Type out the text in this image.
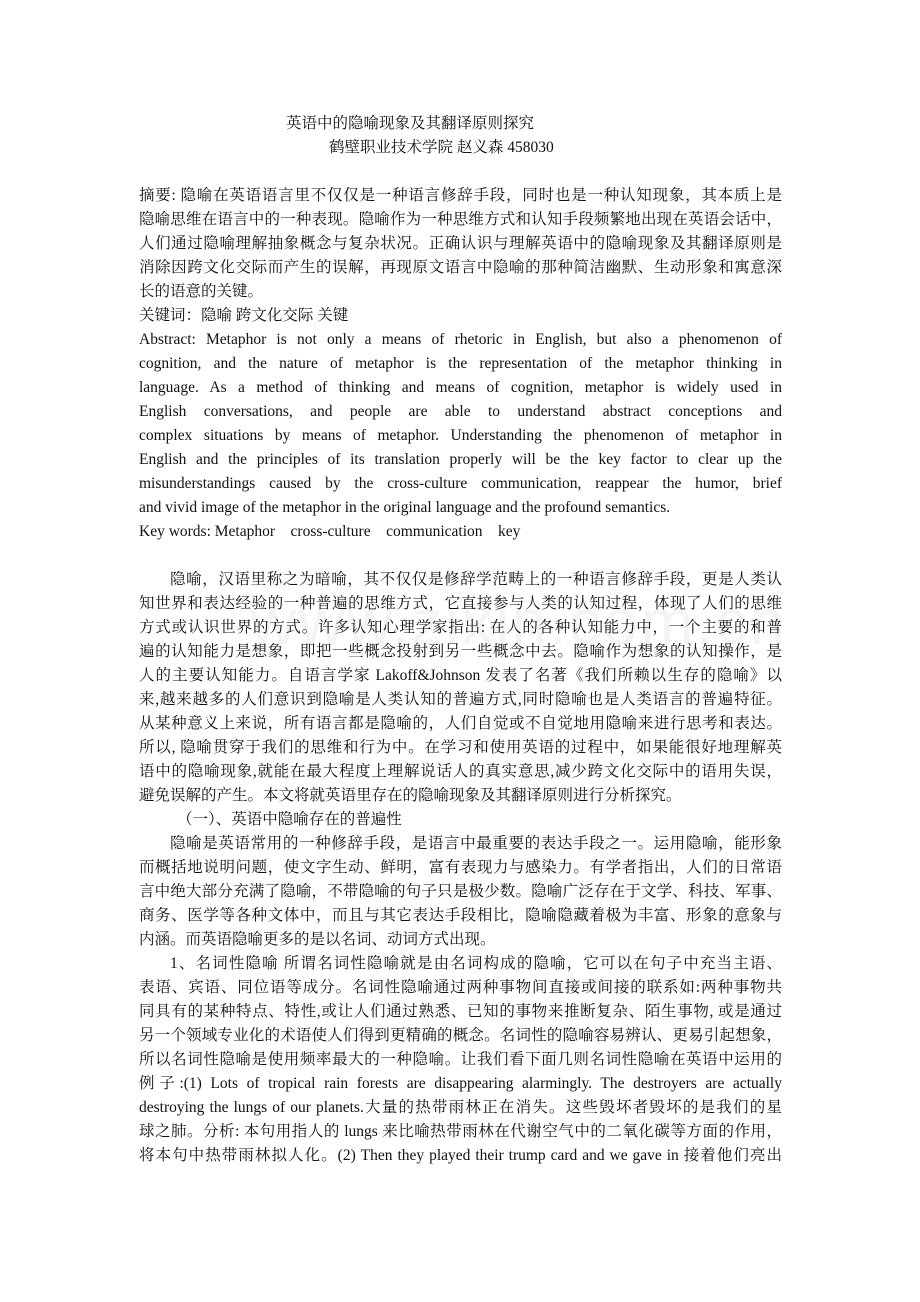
英语中的隐喻现象及其翻译原则探究
鹤壁职业技术学院 赵义森 458030
摘要: 隐喻在英语语言里不仅仅是一种语言修辞手段，同时也是一种认知现象，其本质上是
隐喻思维在语言中的一种表现。隐喻作为一种思维方式和认知手段频繁地出现在英语会话中，
人们通过隐喻理解抽象概念与复杂状况。正确认识与理解英语中的隐喻现象及其翻译原则是
消除因跨文化交际而产生的误解，再现原文语言中隐喻的那种简洁幽默、生动形象和寓意深
长的语意的关键。
关键词：隐喻 跨文化交际 关键
Abstract: Metaphor is not only a means of rhetoric in English, but also a phenomenon of
cognition, and the nature of metaphor is the representation of the metaphor thinking in
language. As a method of thinking and means of cognition, metaphor is widely used in
English conversations, and people are able to understand abstract conceptions and
complex situations by means of metaphor. Understanding the phenomenon of metaphor in
English and the principles of its translation properly will be the key factor to clear up the
misunderstandings caused by the cross-culture communication, reappear the humor, brief
and vivid image of the metaphor in the original language and the profound semantics.
Key words: Metaphor    cross-culture    communication    key
隐喻，汉语里称之为暗喻，其不仅仅是修辞学范畴上的一种语言修辞手段，更是人类认
知世界和表达经验的一种普遍的思维方式，它直接参与人类的认知过程，体现了人们的思维
方式或认识世界的方式。许多认知心理学家指出: 在人的各种认知能力中，一个主要的和普
遍的认知能力是想象，即把一些概念投射到另一些概念中去。隐喻作为想象的认知操作，是
人的主要认知能力。自语言学家 Lakoff&Johnson 发表了名著《我们所赖以生存的隐喻》以
来,越来越多的人们意识到隐喻是人类认知的普遍方式,同时隐喻也是人类语言的普遍特征。
从某种意义上来说，所有语言都是隐喻的，人们自觉或不自觉地用隐喻来进行思考和表达。
所以, 隐喻贯穿于我们的思维和行为中。在学习和使用英语的过程中，如果能很好地理解英
语中的隐喻现象,就能在最大程度上理解说话人的真实意思,减少跨文化交际中的语用失误，
避免误解的产生。本文将就英语里存在的隐喻现象及其翻译原则进行分析探究。
（一）、英语中隐喻存在的普遍性
隐喻是英语常用的一种修辞手段，是语言中最重要的表达手段之一。运用隐喻，能形象
而概括地说明问题，使文字生动、鲜明，富有表现力与感染力。有学者指出，人们的日常语
言中绝大部分充满了隐喻，不带隐喻的句子只是极少数。隐喻广泛存在于文学、科技、军事、
商务、医学等各种文体中，而且与其它表达手段相比，隐喻隐藏着极为丰富、形象的意象与
内涵。而英语隐喻更多的是以名词、动词方式出现。
1、名词性隐喻 所谓名词性隐喻就是由名词构成的隐喻，它可以在句子中充当主语、
表语、宾语、同位语等成分。名词性隐喻通过两种事物间直接或间接的联系如:两种事物共
同具有的某种特点、特性,或让人们通过熟悉、已知的事物来推断复杂、陌生事物, 或是通过
另一个领域专业化的术语使人们得到更精确的概念。名词性的隐喻容易辨认、更易引起想象，
所以名词性隐喻是使用频率最大的一种隐喻。让我们看下面几则名词性隐喻在英语中运用的
例子:(1) Lots of tropical rain forests are disappearing alarmingly. The destroyers are actually
destroying the lungs of our planets.大量的热带雨林正在消失。这些毁坏者毁坏的是我们的星
球之肺。分析: 本句用指人的 lungs 来比喻热带雨林在代谢空气中的二氧化碳等方面的作用，
将本句中热带雨林拟人化。(2) Then they played their trump card and we gave in 接着他们亮出
